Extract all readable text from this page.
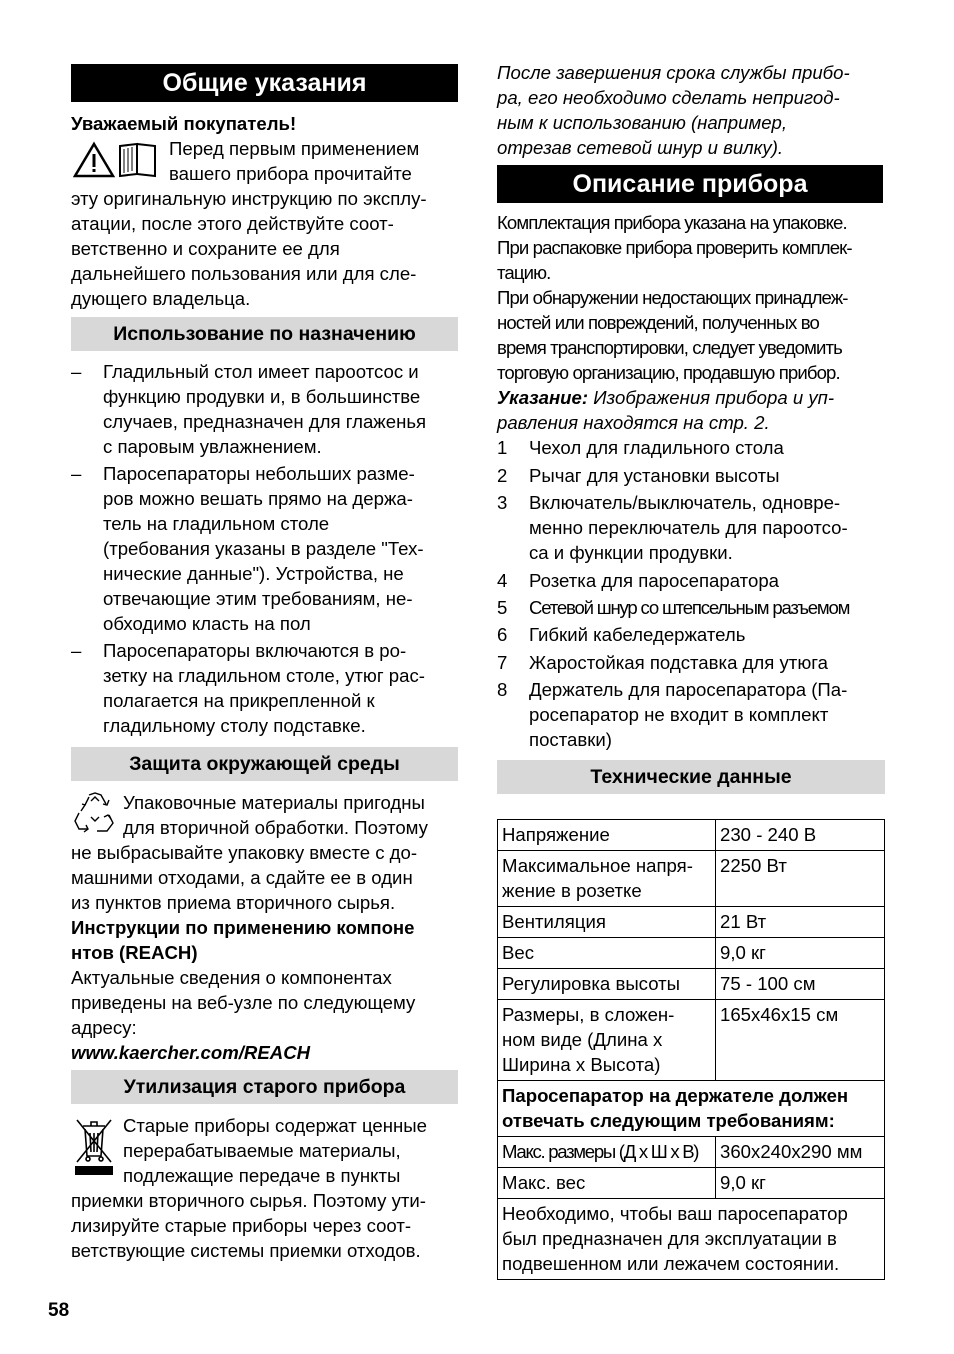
Общие указания

Уважаемый покупатель!

Перед первым применением

вашего прибора прочитайте

эту оригинальную инструкцию по эксплу-

атации, после этого действуйте соот-

ветственно и сохраните ее для

дальнейшего пользования или для сле-

дующего владельца.

Использование по назначению
–	Гладильный стол имеет пароотсос и

функцию продувки и, в большинстве

случаев, предназначен для глаженья

с паровым увлажнением.

–	Паросепараторы небольших разме-

ров можно вешать прямо на держа-

тель на гладильном столе

(требования указаны в разделе "Тех-

нические данные"). Устройства, не

отвечающие этим требованиям, не-

обходимо класть на пол

–	Паросепараторы включаются в ро-

зетку на гладильном столе, утюг рас-

полагается на прикрепленной к

гладильному столу подставке.

Защита окружающей среды

Упаковочные материалы пригодны

для вторичной обработки. Поэтому

не выбрасывайте упаковку вместе с до-

машними отходами, а сдайте ее в один

из пунктов приема вторичного сырья.

Инструкции по применению компоне

нтов (REACH)

Актуальные сведения о компонентах

приведены на веб-узле по следующему

адресу:

www.kaercher.com/REACH

Утилизация старого прибора

Старые приборы содержат ценные

перерабатываемые материалы,

подлежащие передаче в пункты

приемки вторичного сырья. Поэтому ути-

лизируйте старые приборы через соот-

ветствующие системы приемки отходов.

После завершения срока службы прибо-

ра, его необходимо сделать непригод-

ным к использованию (например,

отрезав сетевой шнур и вилку).

Описание прибора

Комплектация прибора указана на упаковке.

При распаковке прибора проверить комплек-

тацию.

При обнаружении недостающих принадлеж-

ностей или повреждений, полученных во

время транспортировки, следует уведомить

торговую организацию, продавшую прибор.

Указание: Изображения прибора и уп-

равления находятся на стр. 2.

1	Чехол для гладильного стола

2	Рычаг для установки высоты

3	Включатель/выключатель, одновре-

менно переключатель для пароотсо-

са и функции продувки.

4	Розетка для паросепаратора

5	Сетевой шнур со штепсельным разъемом

6	Гибкий кабеледержатель

7	Жаростойкая подставка для утюга

8	Держатель для паросепаратора (Па-

росепаратор не входит в комплект

поставки)

Технические данные
Напряжение	230 - 240 В

Максимальное напря-

жение в розетке	2250 Вт
Вентиляция	21 Вт
Вес	9,0 кг
Регулировка высоты	75 - 100 см

Размеры, в сложен-

ном виде (Длина x

Ширина x Высота)	165x46x15 см

Паросепаратор на держателе должен

отвечать следующим требованиям:	

Макс. размеры (Д x Ш x В)	360x240x290 мм
Макс. вес	9,0 кг

Необходимо, чтобы ваш паросепаратор

был предназначен для эксплуатации в

подвешенном или лежачем состоянии.	

58
